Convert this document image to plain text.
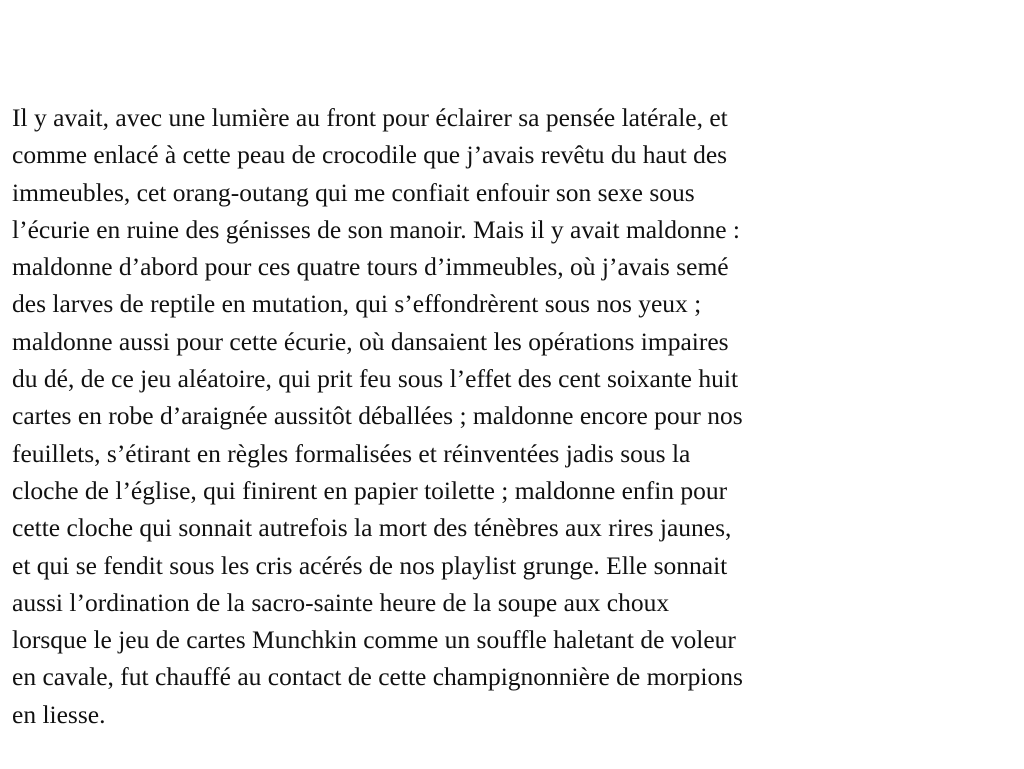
Il y avait, avec une lumière au front pour éclairer sa pensée latérale, et
comme enlacé à cette peau de crocodile que j’avais revêtu du haut des
immeubles, cet orang-outang qui me confiait enfouir son sexe sous
l’écurie en ruine des génisses de son manoir. Mais il y avait maldonne :
maldonne d’abord pour ces quatre tours d’immeubles, où j’avais semé
des larves de reptile en mutation, qui s’effondrèrent sous nos yeux ;
maldonne aussi pour cette écurie, où dansaient les opérations impaires
du dé, de ce jeu aléatoire, qui prit feu sous l’effet des cent soixante huit
cartes en robe d’araignée aussitôt déballées ; maldonne encore pour nos
feuillets, s’étirant en règles formalisées et réinventées jadis sous la
cloche de l’église, qui finirent en papier toilette ; maldonne enfin pour
cette cloche qui sonnait autrefois la mort des ténèbres aux rires jaunes,
et qui se fendit sous les cris acérés de nos playlist grunge. Elle sonnait
aussi l’ordination de la sacro-sainte heure de la soupe aux choux
lorsque le jeu de cartes Munchkin comme un souffle haletant de voleur
en cavale, fut chauffé au contact de cette champignonnière de morpions
en liesse.
